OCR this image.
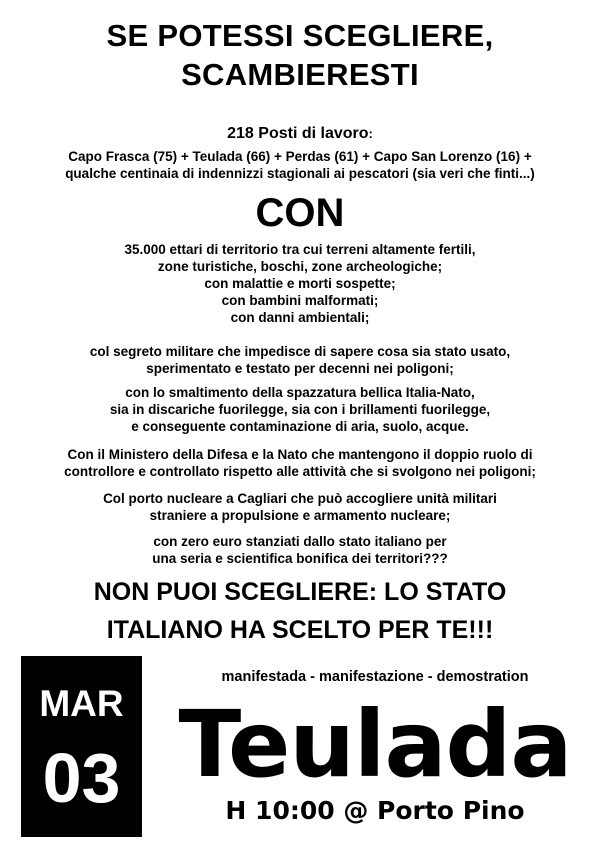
SE POTESSI SCEGLIERE,
SCAMBIERESTI
218 Posti di lavoro:
Capo Frasca (75) + Teulada (66) + Perdas (61) + Capo San Lorenzo (16) +
qualche centinaia di indennizzi stagionali ai pescatori (sia veri che finti...)
CON
35.000 ettari di territorio tra cui terreni altamente fertili,
zone turistiche, boschi, zone archeologiche;
con malattie e morti sospette;
con bambini malformati;
con danni ambientali;
col segreto militare che impedisce di sapere cosa sia stato usato,
sperimentato e testato per decenni nei poligoni;
con lo smaltimento della spazzatura bellica Italia-Nato,
sia in discariche fuorilegge, sia con i brillamenti fuorilegge,
e conseguente contaminazione di aria, suolo, acque.
Con il Ministero della Difesa e la Nato che mantengono il doppio ruolo di
controllore e controllato rispetto alle attività che si svolgono nei poligoni;
Col porto nucleare a Cagliari che può accogliere unità militari
straniere a propulsione e armamento nucleare;
con zero euro stanziati dallo stato italiano per
una seria e scientifica bonifica dei territori???
NON PUOI SCEGLIERE: LO STATO
ITALIANO HA SCELTO PER TE!!!
MAR
03
manifestada - manifestazione - demostration
Teulada
H 10:00 @ Porto Pino
